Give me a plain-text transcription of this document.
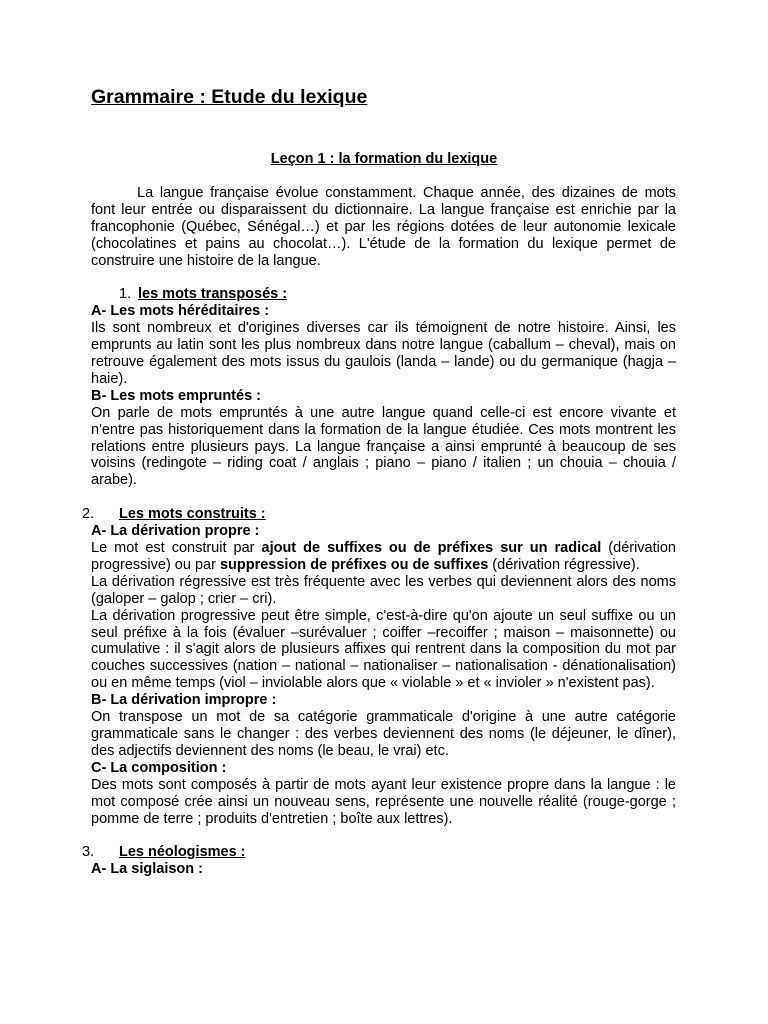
Grammaire : Etude du lexique
Leçon 1 : la formation du lexique

La langue française évolue constamment. Chaque année, des dizaines de mots font leur entrée ou disparaissent du dictionnaire. La langue française est enrichie par la francophonie (Québec, Sénégal…) et par les régions dotées de leur autonomie lexicale (chocolatines et pains au chocolat…). L'étude de la formation du lexique permet de construire une histoire de la langue.

1. les mots transposés :
A- Les mots héréditaires :

Ils sont nombreux et d'origines diverses car ils témoignent de notre histoire. Ainsi, les emprunts au latin sont les plus nombreux dans notre langue (caballum – cheval), mais on retrouve également des mots issus du gaulois (landa – lande) ou du germanique (hagja – haie).

B- Les mots empruntés :

On parle de mots empruntés à une autre langue quand celle-ci est encore vivante et n'entre pas historiquement dans la formation de la langue étudiée. Ces mots montrent les relations entre plusieurs pays. La langue française a ainsi emprunté à beaucoup de ses voisins (redingote – riding coat / anglais ; piano – piano / italien ; un chouia – chouia / arabe).

2. Les mots construits :
A- La dérivation propre :

Le mot est construit par ajout de suffixes ou de préfixes sur un radical (dérivation progressive) ou par suppression de préfixes ou de suffixes (dérivation régressive).

La dérivation régressive est très fréquente avec les verbes qui deviennent alors des noms (galoper – galop ; crier – cri).

La dérivation progressive peut être simple, c'est-à-dire qu'on ajoute un seul suffixe ou un seul préfixe à la fois (évaluer –surévaluer ; coiffer –recoiffer ; maison – maisonnette) ou cumulative : il s'agit alors de plusieurs affixes qui rentrent dans la composition du mot par couches successives (nation – national – nationaliser – nationalisation - dénationalisation) ou en même temps (viol – inviolable alors que « violable » et « invioler » n'existent pas).

B- La dérivation impropre :

On transpose un mot de sa catégorie grammaticale d'origine à une autre catégorie grammaticale sans le changer : des verbes deviennent des noms (le déjeuner, le dîner), des adjectifs deviennent des noms (le beau, le vrai) etc.

C- La composition :

Des mots sont composés à partir de mots ayant leur existence propre dans la langue : le mot composé crée ainsi un nouveau sens, représente une nouvelle réalité (rouge-gorge ; pomme de terre ; produits d'entretien ; boîte aux lettres).

3. Les néologismes :
A- La siglaison :
